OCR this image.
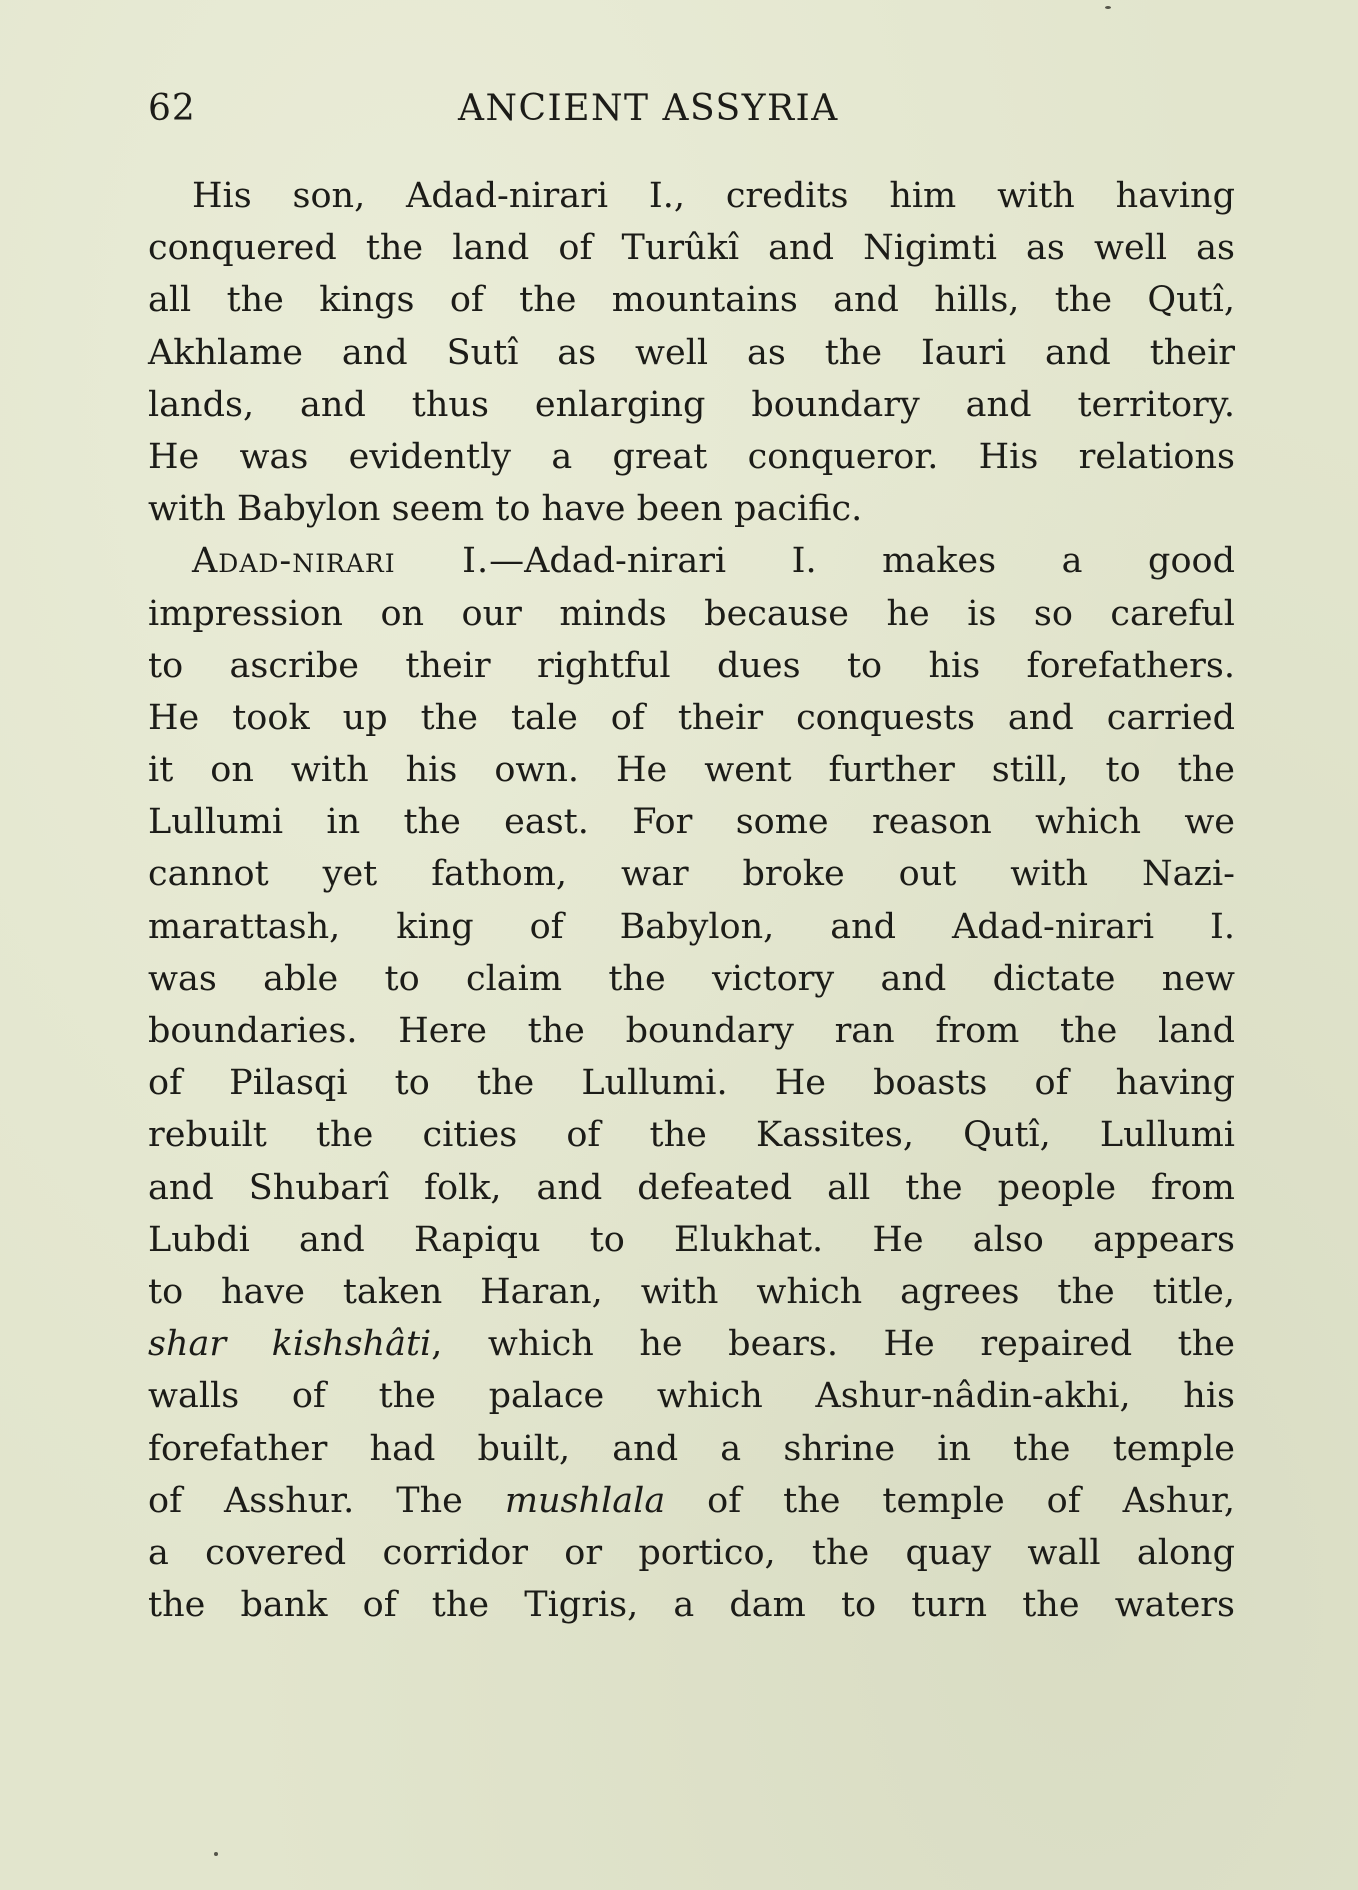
62	ANCIENT ASSYRIA
His son, Adad-nirari I., credits him with having
conquered the land of Turûkî and Nigimti as well as
all the kings of the mountains and hills, the Qutî,
Akhlame and Sutî as well as the Iauri and their
lands, and thus enlarging boundary and territory.
He was evidently a great conqueror. His relations
with Babylon seem to have been pacific.
Adad-nirari I.—Adad-nirari I. makes a good
impression on our minds because he is so careful
to ascribe their rightful dues to his forefathers.
He took up the tale of their conquests and carried
it on with his own. He went further still, to the
Lullumi in the east. For some reason which we
cannot yet fathom, war broke out with Nazi-
marattash, king of Babylon, and Adad-nirari I.
was able to claim the victory and dictate new
boundaries. Here the boundary ran from the land
of Pilasqi to the Lullumi. He boasts of having
rebuilt the cities of the Kassites, Qutî, Lullumi
and Shubarî folk, and defeated all the people from
Lubdi and Rapiqu to Elukhat. He also appears
to have taken Haran, with which agrees the title,
shar kishshâti, which he bears. He repaired the
walls of the palace which Ashur-nâdin-akhi, his
forefather had built, and a shrine in the temple
of Asshur. The mushlala of the temple of Ashur,
a covered corridor or portico, the quay wall along
the bank of the Tigris, a dam to turn the waters
